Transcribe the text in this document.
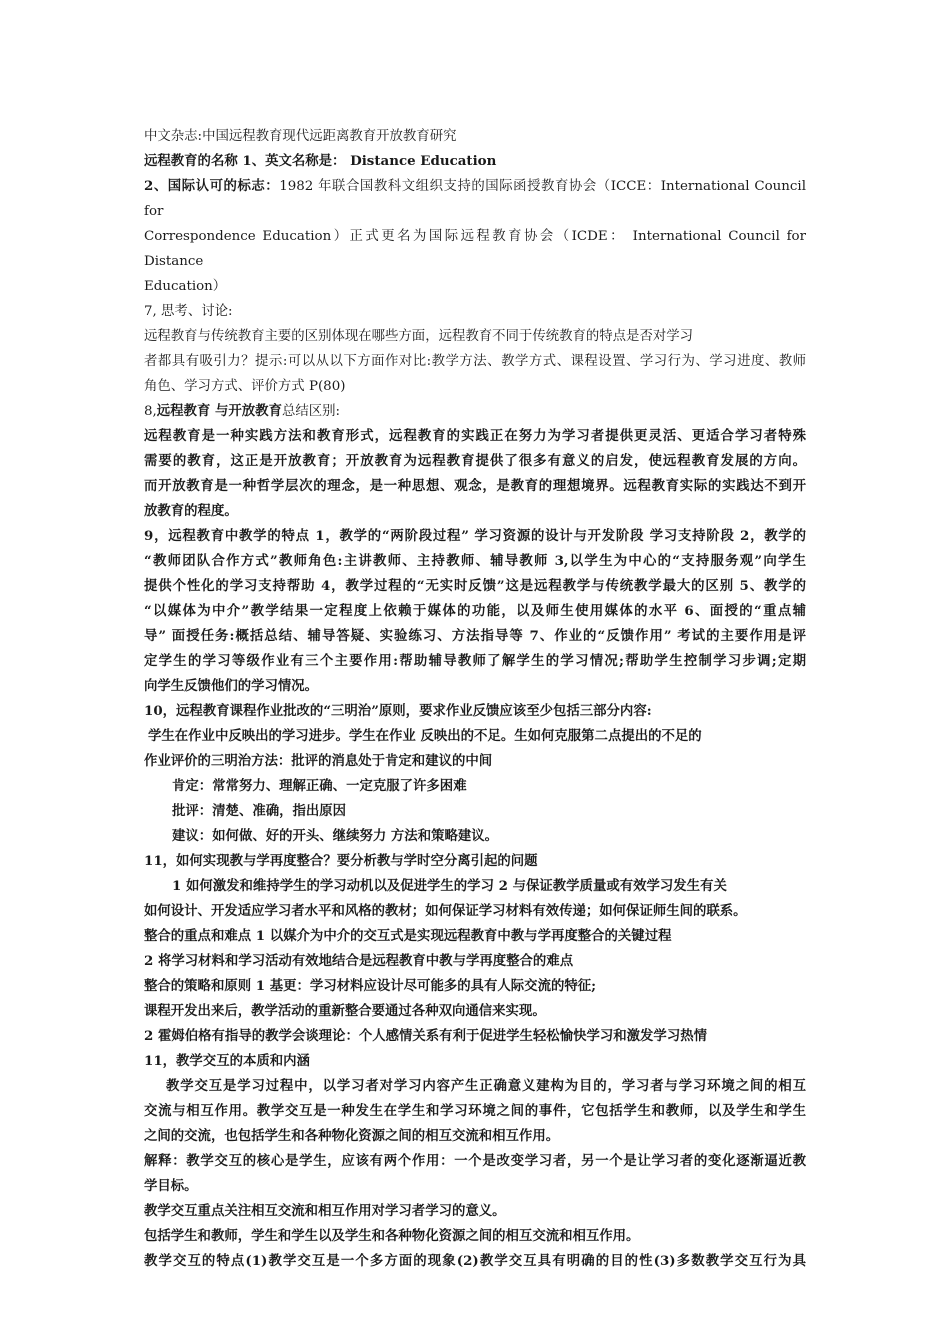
中文杂志:中国远程教育现代远距离教育开放教育研究
远程教育的名称 1、英文名称是： Distance Education
2、国际认可的标志：1982 年联合国教科文组织支持的国际函授教育协会（ICCE：International Council for
Correspondence Education）正式更名为国际远程教育协会（ICDE： International Council for Distance
Education）
7, 思考、讨论:
远程教育与传统教育主要的区别体现在哪些方面，远程教育不同于传统教育的特点是否对学习
者都具有吸引力？提示:可以从以下方面作对比:教学方法、教学方式、课程设置、学习行为、学习进度、教师
角色、学习方式、评价方式 P(80)
8,远程教育 与开放教育总结区别:
远程教育是一种实践方法和教育形式，远程教育的实践正在努力为学习者提供更灵活、更适合学习者特殊
需要的教育，这正是开放教育；开放教育为远程教育提供了很多有意义的启发，使远程教育发展的方向。
而开放教育是一种哲学层次的理念，是一种思想、观念，是教育的理想境界。远程教育实际的实践达不到开
放教育的程度。
9，远程教育中教学的特点 1，教学的“两阶段过程” 学习资源的设计与开发阶段 学习支持阶段 2，教学的
“教师团队合作方式”教师角色:主讲教师、主持教师、辅导教师 3,以学生为中心的“支持服务观”向学生
提供个性化的学习支持帮助 4，教学过程的“无实时反馈”这是远程教学与传统教学最大的区别 5、教学的
“以媒体为中介”教学结果一定程度上依赖于媒体的功能，以及师生使用媒体的水平 6、面授的“重点辅
导” 面授任务:概括总结、辅导答疑、实验练习、方法指导等 7、作业的“反馈作用” 考试的主要作用是评
定学生的学习等级作业有三个主要作用:帮助辅导教师了解学生的学习情况;帮助学生控制学习步调;定期
向学生反馈他们的学习情况。
10，远程教育课程作业批改的“三明治”原则，要求作业反馈应该至少包括三部分内容:
学生在作业中反映出的学习进步。学生在作业 反映出的不足。生如何克服第二点提出的不足的
作业评价的三明治方法：批评的消息处于肯定和建议的中间
肯定：常常努力、理解正确、一定克服了许多困难
批评：清楚、准确，指出原因
建议：如何做、好的开头、继续努力 方法和策略建议。
11，如何实现教与学再度整合？要分析教与学时空分离引起的问题
1 如何激发和维持学生的学习动机以及促进学生的学习 2 与保证教学质量或有效学习发生有关
如何设计、开发适应学习者水平和风格的教材；如何保证学习材料有效传递；如何保证师生间的联系。
整合的重点和难点 1 以媒介为中介的交互式是实现远程教育中教与学再度整合的关键过程
2 将学习材料和学习活动有效地结合是远程教育中教与学再度整合的难点
整合的策略和原则 1 基更：学习材料应设计尽可能多的具有人际交流的特征;
课程开发出来后，教学活动的重新整合要通过各种双向通信来实现。
2 霍姆伯格有指导的教学会谈理论：个人感情关系有利于促进学生轻松愉快学习和激发学习热情
11，教学交互的本质和内涵
教学交互是学习过程中，以学习者对学习内容产生正确意义建构为目的，学习者与学习环境之间的相互
交流与相互作用。教学交互是一种发生在学生和学习环境之间的事件，它包括学生和教师，以及学生和学生
之间的交流，也包括学生和各种物化资源之间的相互交流和相互作用。
解释：教学交互的核心是学生，应该有两个作用：一个是改变学习者，另一个是让学习者的变化逐渐逼近教
学目标。
教学交互重点关注相互交流和相互作用对学习者学习的意义。
包括学生和教师，学生和学生以及学生和各种物化资源之间的相互交流和相互作用。
教学交互的特点(1)教学交互是一个多方面的现象(2)教学交互具有明确的目的性(3)多数教学交互行为具
